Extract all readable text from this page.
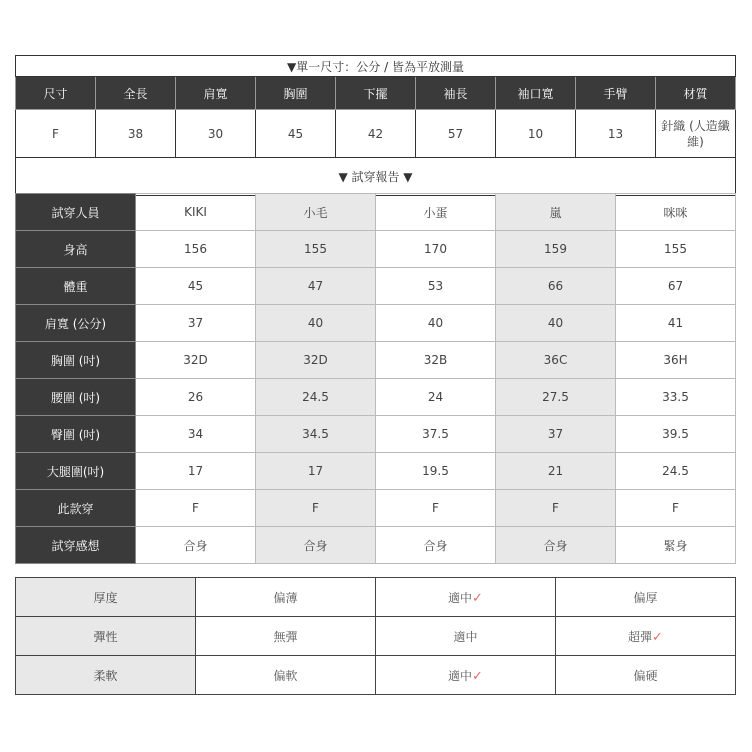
▼單一尺寸：公分 / 皆為平放測量								
尺寸	全長	肩寬	胸圍	下擺	袖長	袖口寬	手臂	材質
F	38	30	45	42	57	10	13	針織 (人造纖維)
▼ 試穿報告 ▼								
試穿人員	KIKI	小毛	小蛋	嵐	咪咪
身高	156	155	170	159	155
體重	45	47	53	66	67
肩寬 (公分)	37	40	40	40	41
胸圍 (吋)	32D	32D	32B	36C	36H
腰圍 (吋)	26	24.5	24	27.5	33.5
臀圍 (吋)	34	34.5	37.5	37	39.5
大腿圍(吋)	17	17	19.5	21	24.5
此款穿	F	F	F	F	F
試穿感想	合身	合身	合身	合身	緊身
厚度	偏薄	適中✓	偏厚
彈性	無彈	適中	超彈✓
柔軟	偏軟	適中✓	偏硬
